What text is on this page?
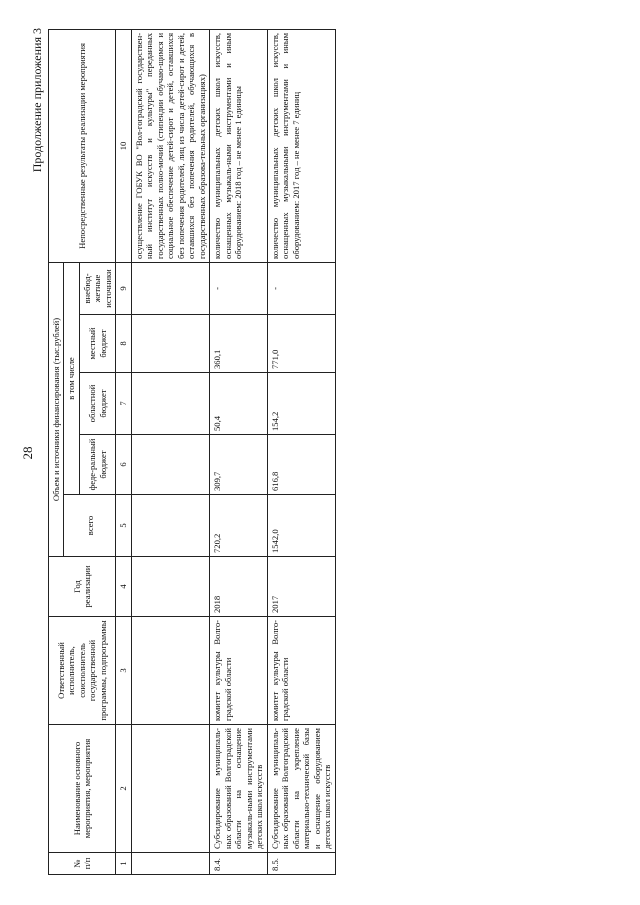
28
Продолжение приложения 3
№ п/п	Наименование основного мероприятия, мероприятия	Ответственный исполнитель, соисполнитель государственной программы, подпрограммы	Год реализации	Объем и источники финансирования (тыс.рублей)					Непосредственные результаты реализации мероприятия
				всего	в том числе				
					феде-ральный бюджет	областной бюджет	местный бюджет	внебюд-жетные источники	
1	2	3	4	5	6	7	8	9	10
									осуществление ГОБУК ВО "Вол-гоградский государствен-ный институт искусств и культуры" переданных государственных полно-мочий (стипендии обучаю-щимся и социальное обеспечение детей-сирот и детей, оставшихся без попечения родителей, лиц из числа детей-сирот и детей, оставшихся без попечения родителей, обучающихся в государственных образова-тельных организациях)
8.4.	Субсидирование муниципаль-ных образований Волгоградской области на оснащение музыкаль-ными инструментами детских школ искусств	комитет культуры Волго-градской области	2018	720,2	309,7	50,4	360,1	-	количество муниципальных детских школ искусств, оснащенных музыкаль-ными инструментами и иным оборудованием: 2018 год – не менее 1 единицы
8.5.	Субсидирование муниципаль-ных образований Волгоградской области на укрепление материально-технической базы и оснащение оборудованием детских школ искусств	комитет культуры Волго-градской области	2017	1542,0	616,8	154,2	771,0	-	количество муниципальных детских школ искусств, оснащенных музыкальными инструментами и иным оборудованием: 2017 год – не менее 7 единиц
